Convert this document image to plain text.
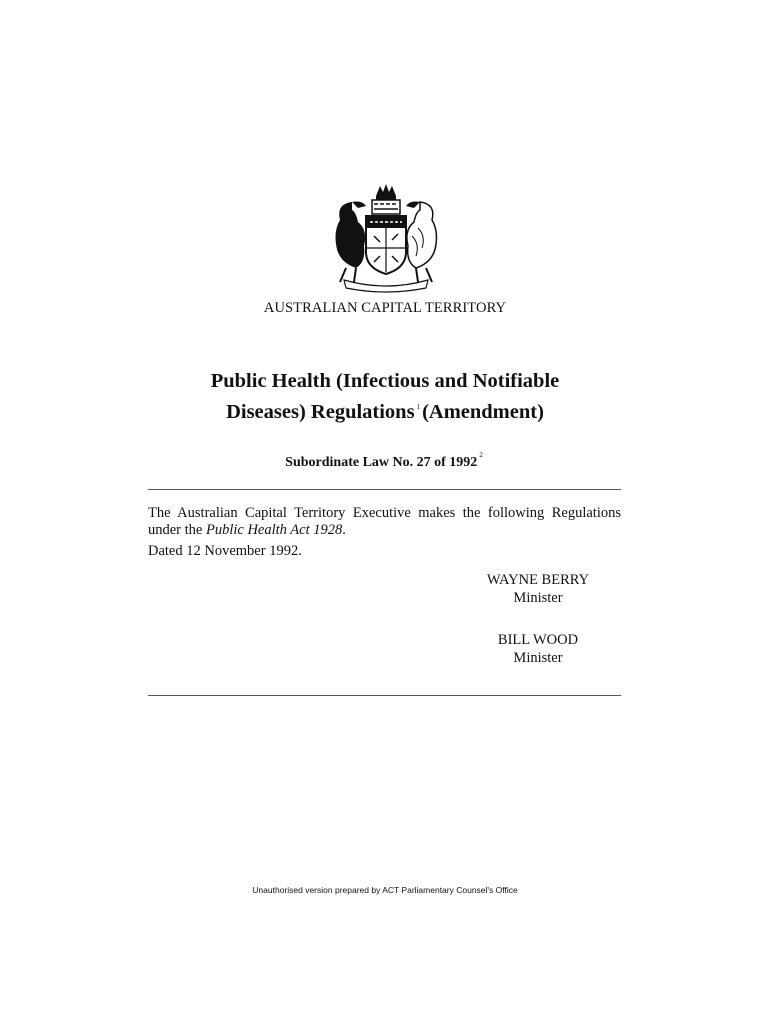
AUSTRALIAN CAPITAL TERRITORY
Public Health (Infectious and Notifiable
Diseases) Regulations $^1$(Amendment)
Subordinate Law No. 27 of 1992 $^2$
The Australian Capital Territory Executive makes the following Regulations under the Public Health Act 1928.
Dated 12 November 1992.
WAYNE BERRY
Minister
BILL WOOD
Minister
Unauthorised version prepared by ACT Parliamentary Counsel's Office
